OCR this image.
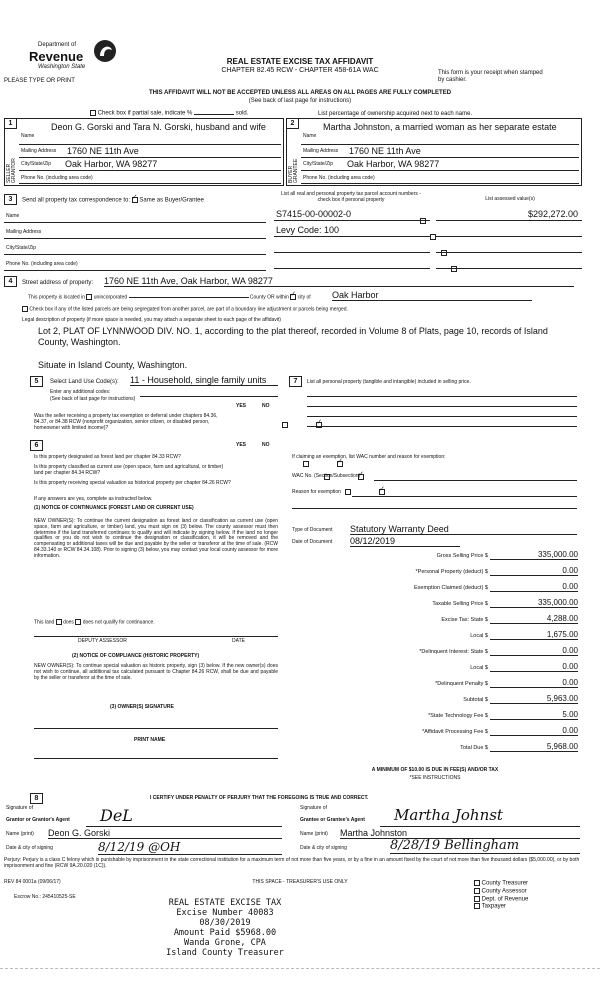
Department of
Revenue
Washington State
PLEASE TYPE OR PRINT
REAL ESTATE EXCISE TAX AFFIDAVIT
CHAPTER 82.45 RCW - CHAPTER 458-61A WAC	This form is your receipt when stamped by cashier.
THIS AFFIDAVIT WILL NOT BE ACCEPTED UNLESS ALL AREAS ON ALL PAGES ARE FULLY COMPLETED
(See back of last page for instructions)
Check box if partial sale, indicate %	sold.	List percentage of ownership acquired next to each name.
1
SELLER GRANTOR
Deon G. Gorski and Tara N. Gorski, husband and wife
Name
Mailing Address 1760 NE 11th Ave
City/State/Zip Oak Harbor, WA 98277
Phone No. (including area code)
2
BUYER GRANTEE
Martha Johnston, a married woman as her separate estate
Name
Mailing Address 1760 NE 11th Ave
City/State/Zip Oak Harbor, WA 98277
Phone No. (including area code)
3	Send all property tax correspondence to: ✓ Same as Buyer/Grantee
Name
Mailing Address
City/State/Zip
Phone No. (including area code)
List all real and personal property tax parcel account numbers - check box if personal property	List assessed value(s)
S7415-00-00002-0
	$292,272.00
Levy Code: 100

4	Street address of property: 1760 NE 11th Ave, Oak Harbor, WA 98277
This property is located in unincorporated	County OR within ✓ city of Oak Harbor
Check box if any of the listed parcels are being segregated from another parcel, are part of a boundary line adjustment or parcels being merged.
Legal description of property (if more space is needed, you may attach a separate sheet to each page of the affidavit)
Lot 2, PLAT OF LYNNWOOD DIV. NO. 1, according to the plat thereof, recorded in Volume 8 of Plats, page 10, records of Island County, Washington.
Situate in Island County, Washington.
5	Select Land Use Code(s): 11 - Household, single family units
Enter any additional codes:
(See back of last page for instructions)
YES	NO
Was the seller receiving a property tax exemption or deferral under chapters 84.36, 84.37, or 84.38 RCW (nonprofit organization, senior citizen, or disabled person, homeowner with limited income)?
✓
6	YES	NO
Is this property designated as forest land per chapter 84.33 RCW?
✓
Is this property classified as current use (open space, farm and agricultural, or timber) land per chapter 84.34 RCW?
✓
Is this property receiving special valuation as historical property per chapter 84.26 RCW?
✓
If any answers are yes, complete as instructed below.
(1) NOTICE OF CONTINUANCE (FOREST LAND OR CURRENT USE)
NEW OWNER(S): To continue the current designation as forest land or classification as current use (open space, farm and agriculture, or timber) land, you must sign on (3) below. The county assessor must then determine if the land transferred continues to qualify and will indicate by signing below. If the land no longer qualifies or you do not wish to continue the designation or classification, it will be removed and the compensating or additional taxes will be due and payable by the seller or transferor at the time of sale. (RCW 84.33.140 or RCW 84.34.108). Prior to signing (3) below, you may contact your local county assessor for more information.
This land does does not qualify for continuance.
DEPUTY ASSESSOR	DATE
(2) NOTICE OF COMPLIANCE (HISTORIC PROPERTY)
NEW OWNER(S): To continue special valuation as historic property, sign (3) below. If the new owner(s) does not wish to continue, all additional tax calculated pursuant to Chapter 84.26 RCW, shall be due and payable by the seller or transferor at the time of sale.
(3) OWNER(S) SIGNATURE
PRINT NAME
7	List all personal property (tangible and intangible) included in selling price.
If claiming an exemption, list WAC number and reason for exemption:
WAC No. (Section/Subsection)
Reason for exemption
Type of Document Statutory Warranty Deed
Date of Document 08/12/2019
Gross Selling Price $	335,000.00
*Personal Property (deduct) $	0.00
Exemption Claimed (deduct) $	0.00
Taxable Selling Price $	335,000.00
Excise Tax: State $	4,288.00
Local $	1,675.00
*Delinquent Interest: State $	0.00
Local $	0.00
*Delinquent Penalty $	0.00
Subtotal $	5,963.00
*State Technology Fee $	5.00
*Affidavit Processing Fee $	0.00
Total Due $	5,968.00
A MINIMUM OF $10.00 IS DUE IN FEE(S) AND/OR TAX
*SEE INSTRUCTIONS
8	I CERTIFY UNDER PENALTY OF PERJURY THAT THE FOREGOING IS TRUE AND CORRECT.
Signature of
Grantor or Grantor's Agent DeL
Name (print) Deon G. Gorski
Date & city of signing	8/12/19 @OH
Signature of
Grantee or Grantee's Agent Martha Johnst
Name (print) Martha Johnston
Date & city of signing	8/28/19 Bellingham
Perjury: Perjury is a class C felony which is punishable by imprisonment in the state correctional institution for a maximum term of not more than five years, or by a fine in an amount fixed by the court of not more than five thousand dollars ($5,000.00), or by both imprisonment and fine (RCW 9A.20.020 (1C)).
REV 84 0001a (09/06/17)	THIS SPACE - TREASURER'S USE ONLY
Escrow No.: 245410525-SE
County Treasurer
County Assessor
Dept. of Revenue
Taxpayer
REAL ESTATE EXCISE TAX
Excise Number 40083
08/30/2019
Amount Paid $5968.00
Wanda Grone, CPA
Island County Treasurer
